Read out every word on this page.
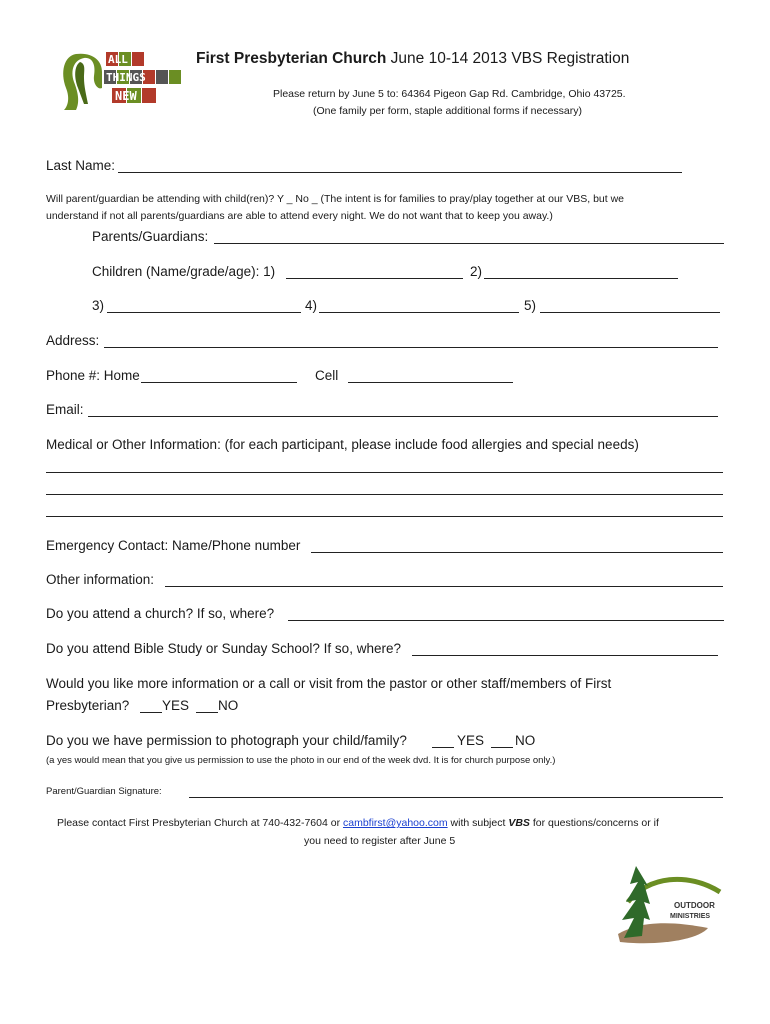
ALL
THINGS
NEW
First Presbyterian Church June 10-14 2013 VBS Registration
Please return by June 5 to: 64364 Pigeon Gap Rd. Cambridge, Ohio 43725.
(One family per form, staple additional forms if necessary)
Last Name:
Will parent/guardian be attending with child(ren)? Y _ No _ (The intent is for families to pray/play together at our VBS, but we
understand if not all parents/guardians are able to attend every night. We do not want that to keep you away.)
Parents/Guardians:
Children (Name/grade/age): 1)	2)
3)	4)	5)
Address:
Phone #: Home	Cell
Email:
Medical or Other Information: (for each participant, please include food allergies and special needs)
Emergency Contact: Name/Phone number
Other information:
Do you attend a church? If so, where?
Do you attend Bible Study or Sunday School? If so, where?
Would you like more information or a call or visit from the pastor or other staff/members of First
Presbyterian? YES NO
Do you we have permission to photograph your child/family?	YES NO
(a yes would mean that you give us permission to use the photo in our end of the week dvd. It is for church purpose only.)
Parent/Guardian Signature:
Please contact First Presbyterian Church at 740-432-7604 or cambfirst@yahoo.com with subject VBS for questions/concerns or if
you need to register after June 5
OUTDOOR
MINISTRIES
